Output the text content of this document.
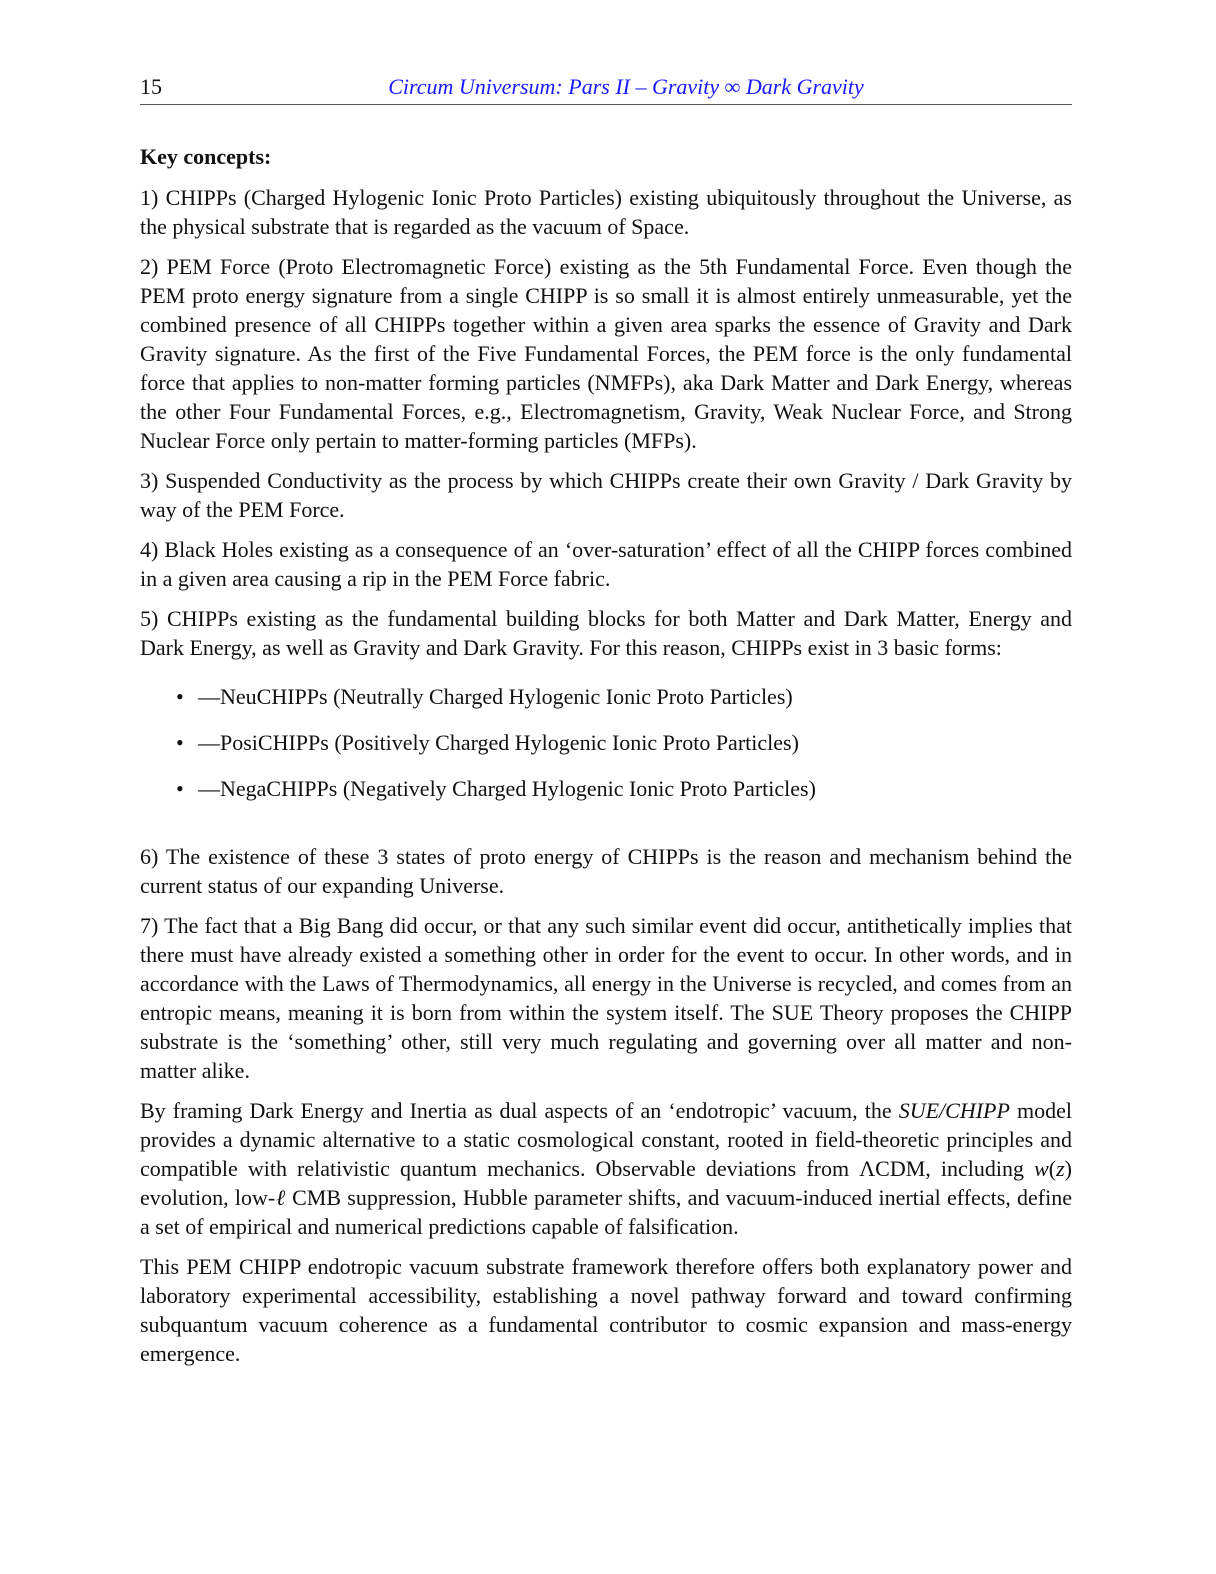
15	Circum Universum: Pars II – Gravity ∞ Dark Gravity

Key concepts:

1) CHIPPs (Charged Hylogenic Ionic Proto Particles) existing ubiquitously throughout the Universe, as the physical substrate that is regarded as the vacuum of Space.

2) PEM Force (Proto Electromagnetic Force) existing as the 5th Fundamental Force. Even though the PEM proto energy signature from a single CHIPP is so small it is almost entirely unmeasurable, yet the combined presence of all CHIPPs together within a given area sparks the essence of Gravity and Dark Gravity signature. As the first of the Five Fundamental Forces, the PEM force is the only fundamental force that applies to non-matter forming particles (NMFPs), aka Dark Matter and Dark Energy, whereas the other Four Fundamental Forces, e.g., Electromagnetism, Gravity, Weak Nuclear Force, and Strong Nuclear Force only pertain to matter-forming particles (MFPs).

3) Suspended Conductivity as the process by which CHIPPs create their own Gravity / Dark Gravity by way of the PEM Force.

4) Black Holes existing as a consequence of an ‘over-saturation’ effect of all the CHIPP forces combined in a given area causing a rip in the PEM Force fabric.

5) CHIPPs existing as the fundamental building blocks for both Matter and Dark Matter, Energy and Dark Energy, as well as Gravity and Dark Gravity. For this reason, CHIPPs exist in 3 basic forms:

• —NeuCHIPPs (Neutrally Charged Hylogenic Ionic Proto Particles)
• —PosiCHIPPs (Positively Charged Hylogenic Ionic Proto Particles)
• —NegaCHIPPs (Negatively Charged Hylogenic Ionic Proto Particles)

6) The existence of these 3 states of proto energy of CHIPPs is the reason and mechanism behind the current status of our expanding Universe.

7) The fact that a Big Bang did occur, or that any such similar event did occur, antithetically implies that there must have already existed a something other in order for the event to occur. In other words, and in accordance with the Laws of Thermodynamics, all energy in the Universe is recycled, and comes from an entropic means, meaning it is born from within the system itself. The SUE Theory proposes the CHIPP substrate is the ‘something’ other, still very much regulating and governing over all matter and non-matter alike.

By framing Dark Energy and Inertia as dual aspects of an ‘endotropic’ vacuum, the SUE/CHIPP model provides a dynamic alternative to a static cosmological constant, rooted in field-theoretic principles and compatible with relativistic quantum mechanics. Observable deviations from ΛCDM, including w(z) evolution, low-ℓ CMB suppression, Hubble parameter shifts, and vacuum-induced inertial effects, define a set of empirical and numerical predictions capable of falsification.

This PEM CHIPP endotropic vacuum substrate framework therefore offers both explanatory power and laboratory experimental accessibility, establishing a novel pathway forward and toward confirming subquantum vacuum coherence as a fundamental contributor to cosmic expansion and mass-energy emergence.
